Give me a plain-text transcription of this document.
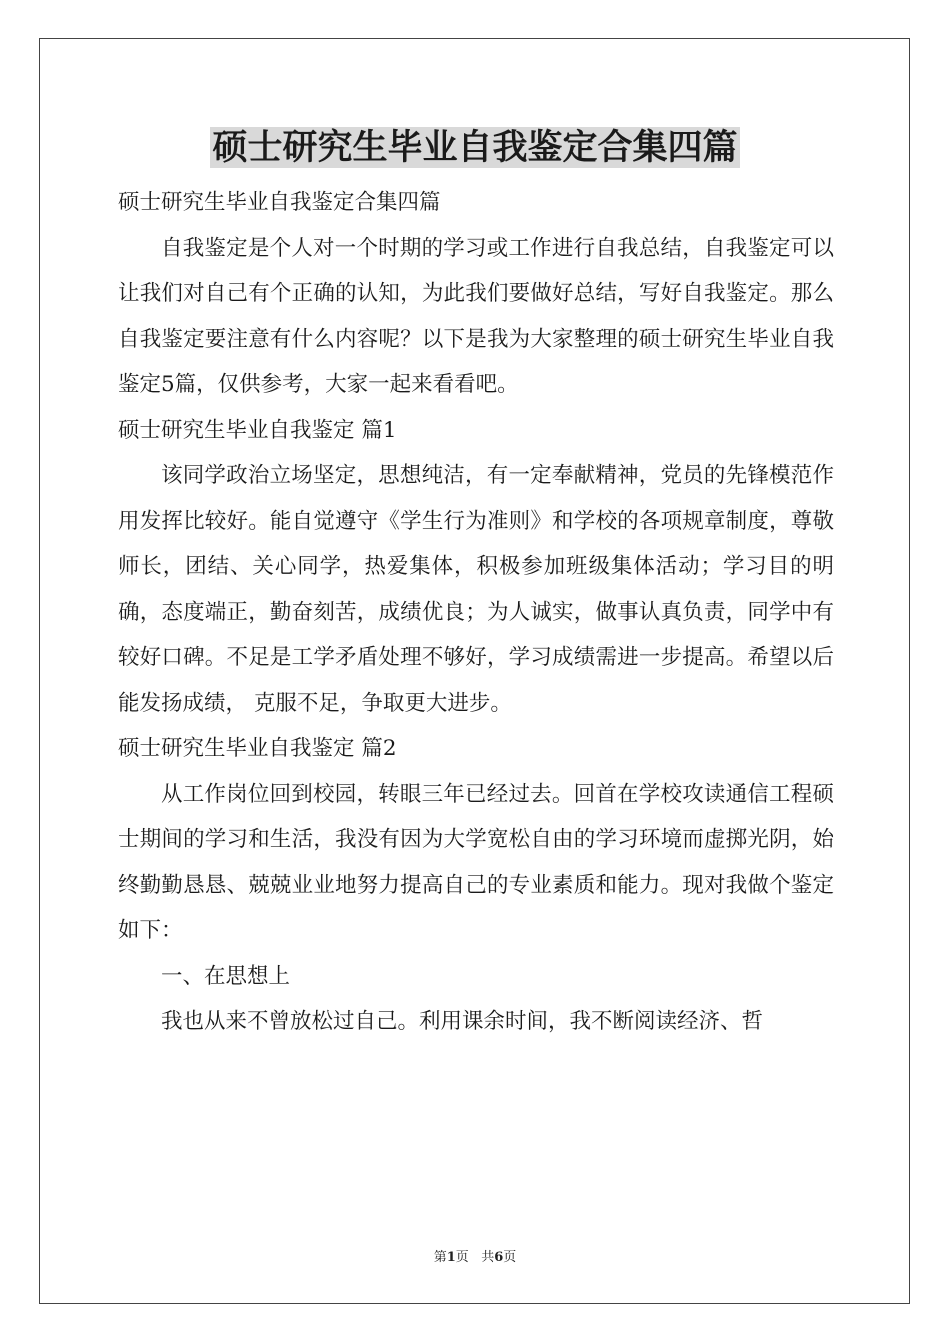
硕士研究生毕业自我鉴定合集四篇

硕士研究生毕业自我鉴定合集四篇

自我鉴定是个人对一个时期的学习或工作进行自我总结，自我鉴定可以让我们对自己有个正确的认知，为此我们要做好总结，写好自我鉴定。那么自我鉴定要注意有什么内容呢？以下是我为大家整理的硕士研究生毕业自我鉴定5篇，仅供参考，大家一起来看看吧。

硕士研究生毕业自我鉴定 篇1

该同学政治立场坚定，思想纯洁，有一定奉献精神，党员的先锋模范作用发挥比较好。能自觉遵守《学生行为准则》和学校的各项规章制度，尊敬师长，团结、关心同学，热爱集体，积极参加班级集体活动；学习目的明确，态度端正，勤奋刻苦，成绩优良；为人诚实，做事认真负责，同学中有较好口碑。不足是工学矛盾处理不够好，学习成绩需进一步提高。希望以后能发扬成绩， 克服不足，争取更大进步。

硕士研究生毕业自我鉴定 篇2

从工作岗位回到校园，转眼三年已经过去。回首在学校攻读通信工程硕士期间的学习和生活，我没有因为大学宽松自由的学习环境而虚掷光阴，始终勤勤恳恳、兢兢业业地努力提高自己的专业素质和能力。现对我做个鉴定如下：

一、在思想上

我也从来不曾放松过自己。利用课余时间，我不断阅读经济、哲

第1页 共6页
